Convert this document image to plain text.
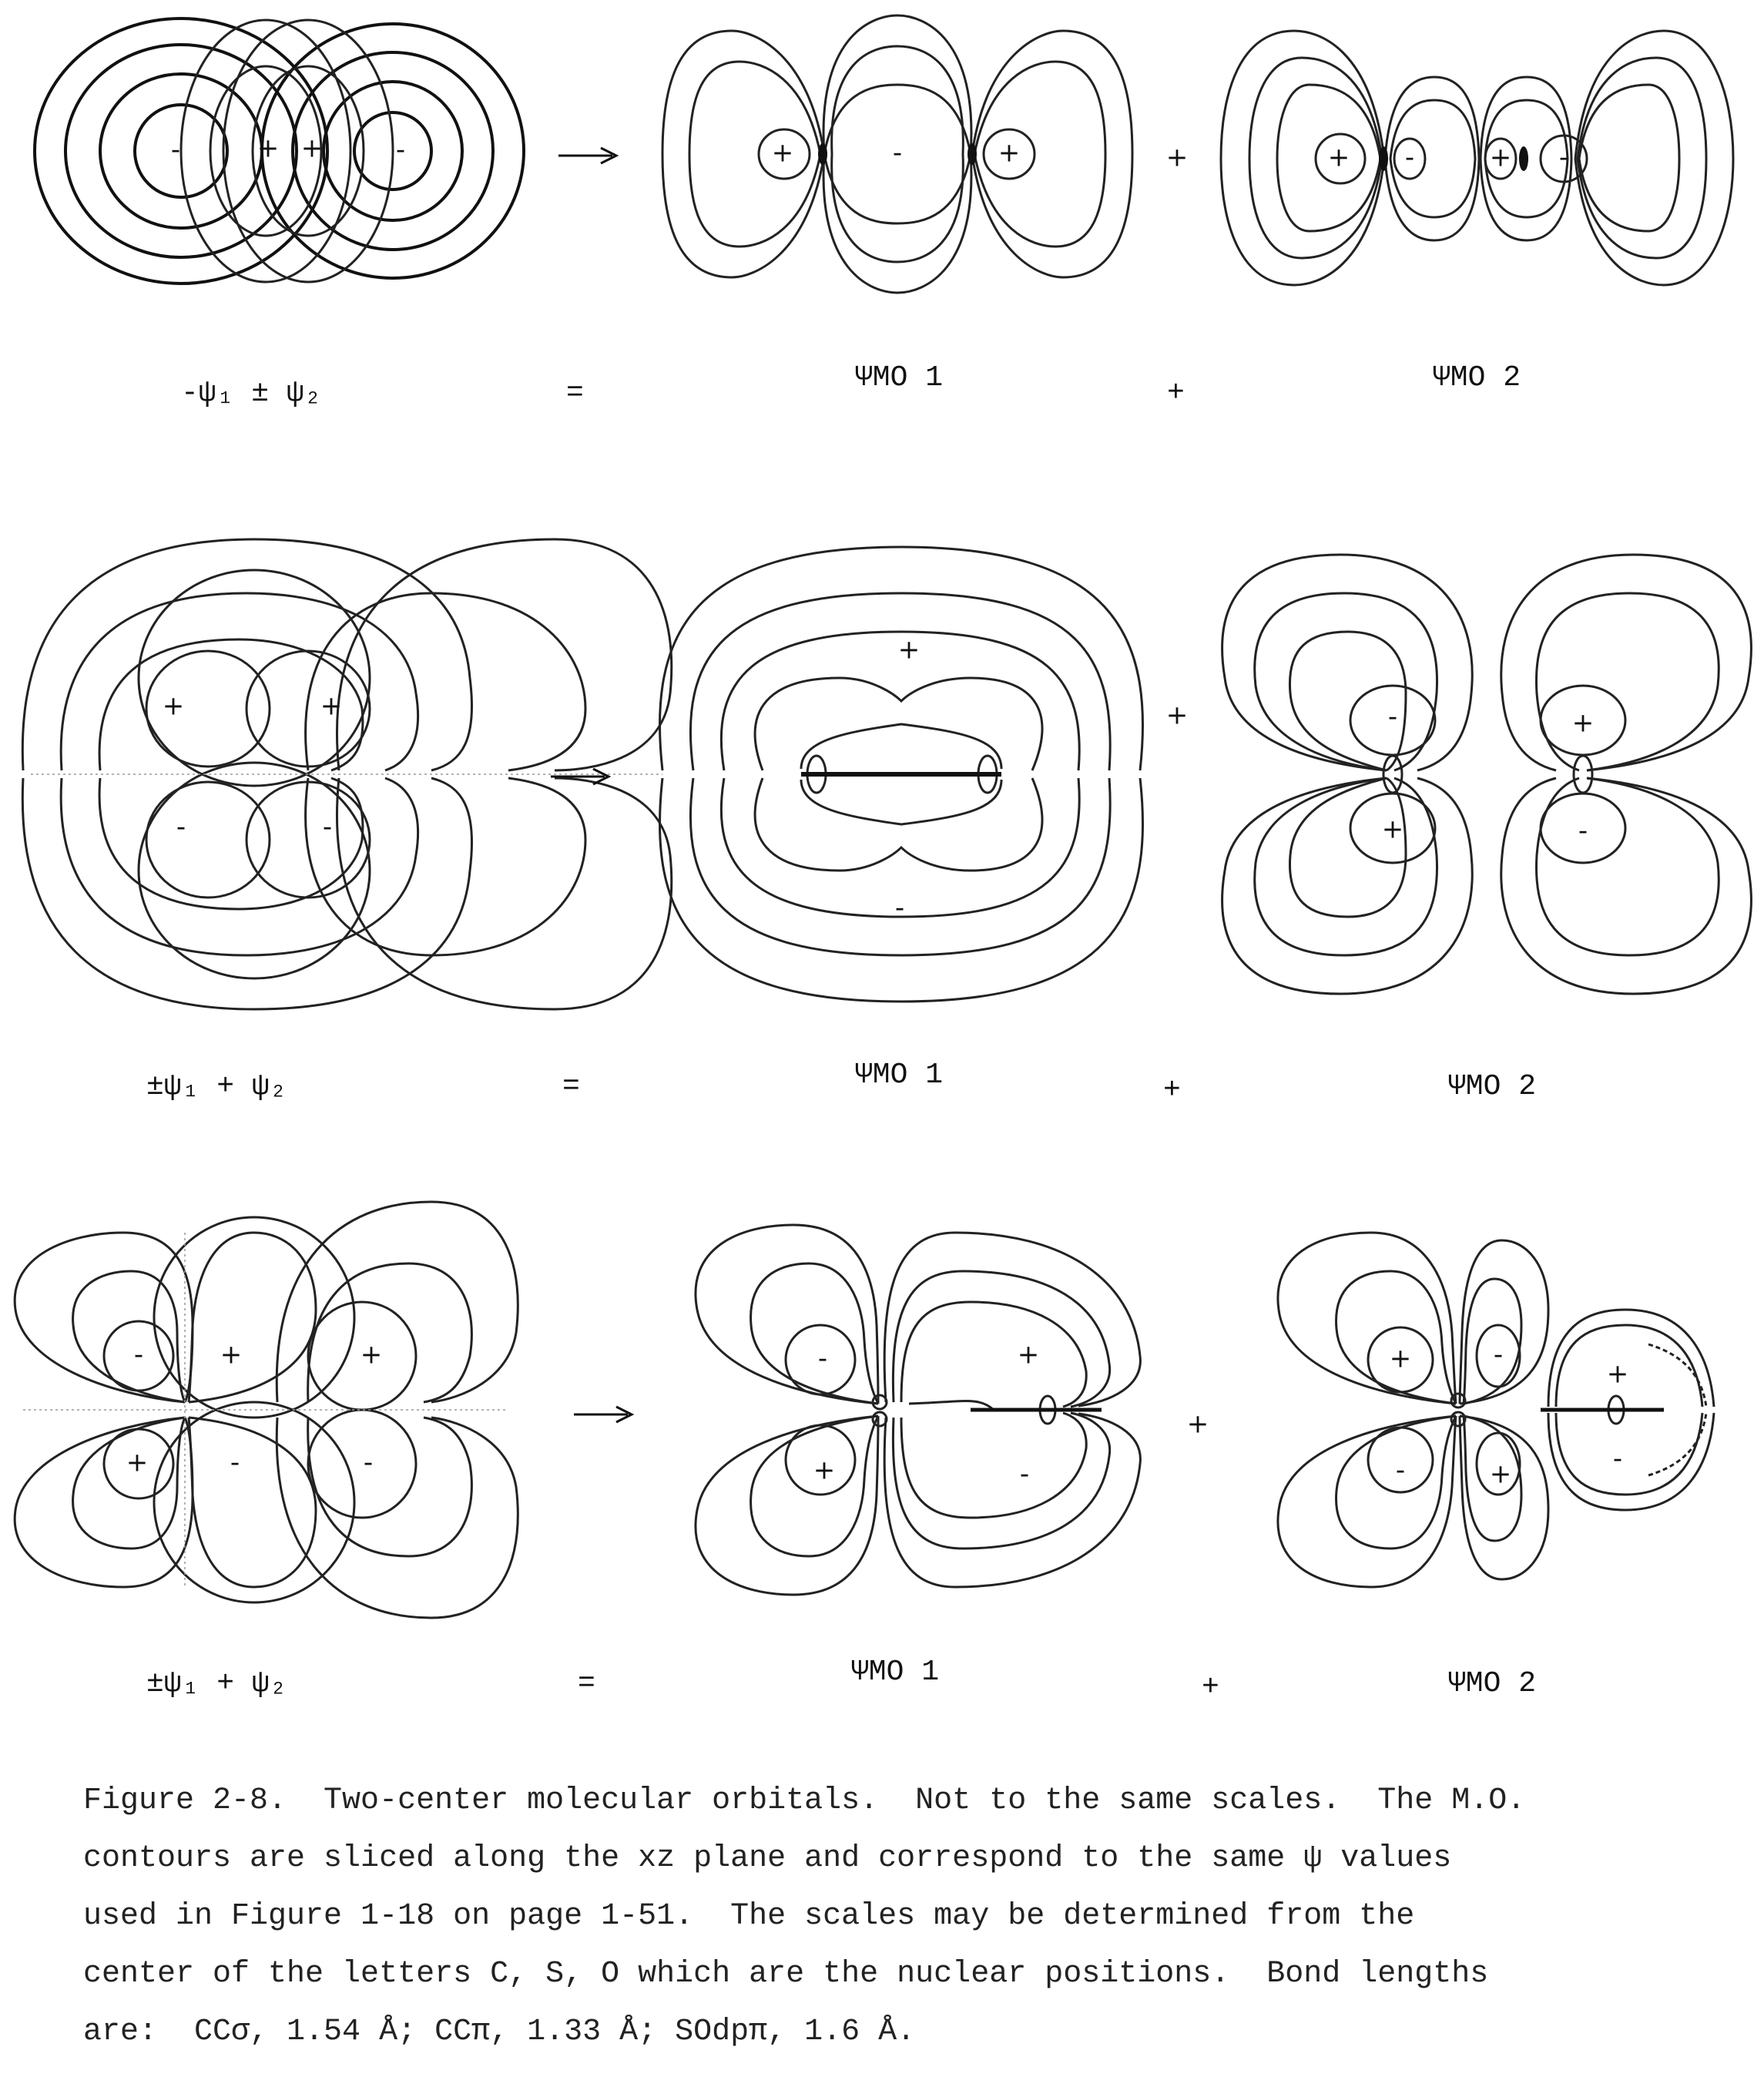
-	+ +	-	+	-	+	+	+ -	+ -
-ψ₁ ± ψ₂	=	ΨMO 1	+	ΨMO 2
+	+
-	-
+
-
+	-	+
+	-
±ψ₁ + ψ₂	=	ΨMO 1	+	ΨMO 2
-	+	+
+	-	-
-	+
+	-
+
+	-
+
-	+	-
±ψ₁ + ψ₂	=	ΨMO 1	+	ΨMO 2
Figure 2-8.  Two-center molecular orbitals.  Not to the same scales.  The M.O.
contours are sliced along the xz plane and correspond to the same ψ values
used in Figure 1-18 on page 1-51.  The scales may be determined from the
center of the letters C, S, O which are the nuclear positions.  Bond lengths
are:  CCσ, 1.54 Å; CCπ, 1.33 Å; SOdpπ, 1.6 Å.
